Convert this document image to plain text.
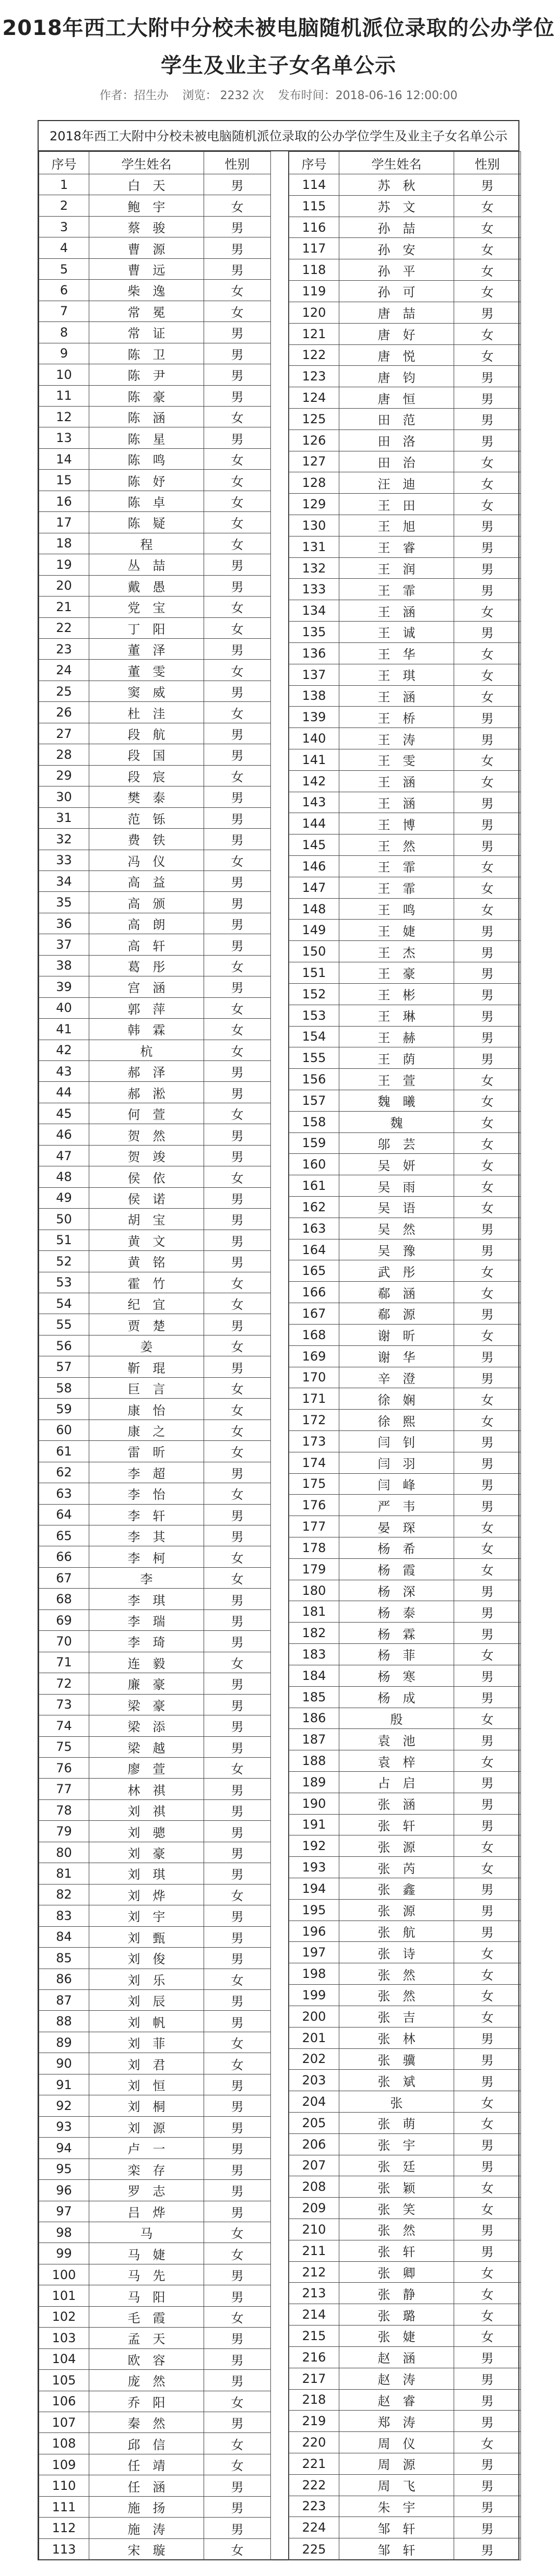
2018年西工大附中分校未被电脑随机派位录取的公办学位学生及业主子女名单公示
作者：招生办 浏览： 2232 次 发布时间：2018-06-16 12:00:00
2018年西工大附中分校未被电脑随机派位录取的公办学位学生及业主子女名单公示
序号	学生姓名	性别
1	白　天	男
2	鲍　宇	女
3	蔡　骏	男
4	曹　源	男
5	曹　远	男
6	柴　逸	女
7	常　冕	女
8	常　证	男
9	陈　卫	男
10	陈　尹	男
11	陈　豪	男
12	陈　涵	女
13	陈　星	男
14	陈　鸣	女
15	陈　妤	女
16	陈　卓	女
17	陈　疑	女
18	程　	女
19	丛　喆	男
20	戴　愚	男
21	党　宝	女
22	丁　阳	女
23	董　泽	男
24	董　雯	女
25	窦　威	男
26	杜　洼	女
27	段　航	男
28	段　国	男
29	段　宸	女
30	樊　泰	男
31	范　铄	男
32	费　铁	男
33	冯　仪	女
34	高　益	男
35	高　颁	男
36	高　朗	男
37	高　轩	男
38	葛　彤	女
39	宫　涵	男
40	郭　萍	女
41	韩　霖	女
42	杭　	女
43	郝　泽	男
44	郝　淞	男
45	何　萱	女
46	贺　然	男
47	贺　竣	男
48	侯　依	女
49	侯　诺	男
50	胡　宝	男
51	黄　文	男
52	黄　铭	男
53	霍　竹	女
54	纪　宜	女
55	贾　楚	男
56	姜　	女
57	靳　琨	男
58	巨　言	女
59	康　怡	女
60	康　之	女
61	雷　昕	女
62	李　超	男
63	李　怡	女
64	李　轩	男
65	李　其	男
66	李　柯	女
67	李　	女
68	李　琪	男
69	李　瑞	男
70	李　琦	男
71	连　毅	女
72	廉　豪	男
73	梁　豪	男
74	梁　添	男
75	梁　越	男
76	廖　萱	女
77	林　祺	男
78	刘　祺	男
79	刘　骢	男
80	刘　豪	男
81	刘　琪	男
82	刘　烨	女
83	刘　宇	男
84	刘　甄	男
85	刘　俊	男
86	刘　乐	女
87	刘　辰	男
88	刘　帆	男
89	刘　菲	女
90	刘　君	女
91	刘　恒	男
92	刘　桐	男
93	刘　源	男
94	卢　一	男
95	栾　存	男
96	罗　志	男
97	吕　烨	男
98	马　	女
99	马　婕	女
100	马　先	男
101	马　阳	男
102	毛　霞	女
103	孟　天	男
104	欧　容	男
105	庞　然	男
106	乔　阳	女
107	秦　然	男
108	邱　信	女
109	任　靖	女
110	任　涵	男
111	施　扬	男
112	施　涛	男
113	宋　璇	女
序号	学生姓名	性别
114	苏　秋	男
115	苏　文	女
116	孙　喆	女
117	孙　安	女
118	孙　平	女
119	孙　可	女
120	唐　喆	男
121	唐　好	女
122	唐　悦	女
123	唐　钧	男
124	唐　恒	男
125	田　范	男
126	田　洛	男
127	田　治	女
128	汪　迪	女
129	王　田	女
130	王　旭	男
131	王　睿	男
132	王　润	男
133	王　霏	男
134	王　涵	女
135	王　诚	男
136	王　华	女
137	王　琪	女
138	王　涵	女
139	王　桥	男
140	王　涛	男
141	王　雯	女
142	王　涵	女
143	王　涵	男
144	王　博	男
145	王　然	男
146	王　霏	女
147	王　霏	女
148	王　鸣	女
149	王　婕	男
150	王　杰	男
151	王　豪	男
152	王　彬	男
153	王　琳	男
154	王　赫	男
155	王　荫	男
156	王　萱	女
157	魏　曦	女
158	魏　	女
159	邬　芸	女
160	吴　妍	女
161	吴　雨	女
162	吴　语	女
163	吴　然	男
164	吴　豫	男
165	武　彤	女
166	郗　涵	女
167	郗　源	男
168	谢　昕	女
169	谢　华	男
170	辛　澄	男
171	徐　娴	女
172	徐　熙	女
173	闫　钊	男
174	闫　羽	男
175	闫　峰	男
176	严　韦	男
177	晏　琛	女
178	杨　希	女
179	杨　霞	女
180	杨　深	男
181	杨　泰	男
182	杨　霖	男
183	杨　菲	女
184	杨　寒	男
185	杨　成	男
186	殷　	女
187	袁　池	男
188	袁　梓	女
189	占　启	男
190	张　涵	男
191	张　轩	男
192	张　源	女
193	张　芮	女
194	张　鑫	男
195	张　源	男
196	张　航	男
197	张　诗	女
198	张　然	女
199	张　然	女
200	张　吉	女
201	张　林	男
202	张　骥	男
203	张　斌	男
204	张　	女
205	张　萌	女
206	张　宇	男
207	张　廷	男
208	张　颖	女
209	张　笑	女
210	张　然	男
211	张　轩	男
212	张　卿	女
213	张　静	女
214	张　璐	女
215	张　婕	女
216	赵　涵	男
217	赵　涛	男
218	赵　睿	男
219	郑　涛	男
220	周　仪	女
221	周　源	男
222	周　飞	男
223	朱　宇	男
224	邹　轩	男
225	邹　轩	男
